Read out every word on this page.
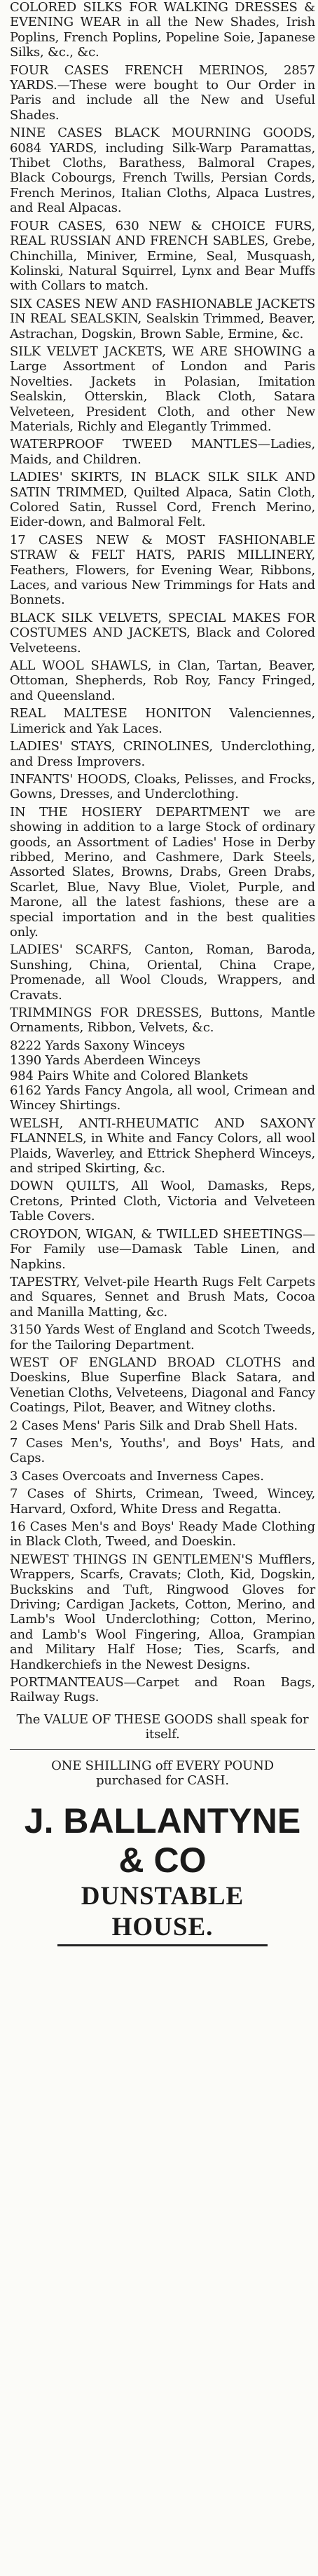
COLORED SILKS FOR WALKING DRESSES & EVENING WEAR in all the New Shades, Irish Poplins, French Poplins, Popeline Soie, Japanese Silks, &c., &c.
FOUR CASES FRENCH MERINOS, 2857 YARDS.—These were bought to Our Order in Paris and include all the New and Useful Shades.
NINE CASES BLACK MOURNING GOODS, 6084 YARDS, including Silk-Warp Paramattas, Thibet Cloths, Barathess, Balmoral Crapes, Black Cobourgs, French Twills, Persian Cords, French Merinos, Italian Cloths, Alpaca Lustres, and Real Alpacas.
FOUR CASES, 630 NEW & CHOICE FURS, REAL RUSSIAN AND FRENCH SABLES, Grebe, Chinchilla, Miniver, Ermine, Seal, Musquash, Kolinski, Natural Squirrel, Lynx and Bear Muffs with Collars to match.
SIX CASES NEW AND FASHIONABLE JACKETS IN REAL SEALSKIN, Sealskin Trimmed, Beaver, Astrachan, Dogskin, Brown Sable, Ermine, &c.
SILK VELVET JACKETS, WE ARE SHOWING a Large Assortment of London and Paris Novelties. Jackets in Polasian, Imitation Sealskin, Otterskin, Black Cloth, Satara Velveteen, President Cloth, and other New Materials, Richly and Elegantly Trimmed.
WATERPROOF TWEED MANTLES—Ladies, Maids, and Children.
LADIES' SKIRTS, IN BLACK SILK SILK AND SATIN TRIMMED, Quilted Alpaca, Satin Cloth, Colored Satin, Russel Cord, French Merino, Eider-down, and Balmoral Felt.
17 CASES NEW & MOST FASHIONABLE STRAW & FELT HATS, PARIS MILLINERY, Feathers, Flowers, for Evening Wear, Ribbons, Laces, and various New Trimmings for Hats and Bonnets.
BLACK SILK VELVETS, SPECIAL MAKES FOR COSTUMES AND JACKETS, Black and Colored Velveteens.
ALL WOOL SHAWLS, in Clan, Tartan, Beaver, Ottoman, Shepherds, Rob Roy, Fancy Fringed, and Queensland.
REAL MALTESE HONITON Valenciennes, Limerick and Yak Laces.
LADIES' STAYS, CRINOLINES, Underclothing, and Dress Improvers.
INFANTS' HOODS, Cloaks, Pelisses, and Frocks, Gowns, Dresses, and Underclothing.
IN THE HOSIERY DEPARTMENT we are showing in addition to a large Stock of ordinary goods, an Assortment of Ladies' Hose in Derby ribbed, Merino, and Cashmere, Dark Steels, Assorted Slates, Browns, Drabs, Green Drabs, Scarlet, Blue, Navy Blue, Violet, Purple, and Marone, all the latest fashions, these are a special importation and in the best qualities only.
LADIES' SCARFS, Canton, Roman, Baroda, Sunshing, China, Oriental, China Crape, Promenade, all Wool Clouds, Wrappers, and Cravats.
TRIMMINGS FOR DRESSES, Buttons, Mantle Ornaments, Ribbon, Velvets, &c.
8222 Yards Saxony Winceys
1390 Yards Aberdeen Winceys
984 Pairs White and Colored Blankets
6162 Yards Fancy Angola, all wool, Crimean and Wincey Shirtings.
WELSH, ANTI-RHEUMATIC AND SAXONY FLANNELS, in White and Fancy Colors, all wool Plaids, Waverley, and Ettrick Shepherd Winceys, and striped Skirting, &c.
DOWN QUILTS, All Wool, Damasks, Reps, Cretons, Printed Cloth, Victoria and Velveteen Table Covers.
CROYDON, WIGAN, & TWILLED SHEETINGS—For Family use—Damask Table Linen, and Napkins.
TAPESTRY, Velvet-pile Hearth Rugs Felt Carpets and Squares, Sennet and Brush Mats, Cocoa and Manilla Matting, &c.
3150 Yards West of England and Scotch Tweeds, for the Tailoring Department.
WEST OF ENGLAND BROAD CLOTHS and Doeskins, Blue Superfine Black Satara, and Venetian Cloths, Velveteens, Diagonal and Fancy Coatings, Pilot, Beaver, and Witney cloths.
2 Cases Mens' Paris Silk and Drab Shell Hats.
7 Cases Men's, Youths', and Boys' Hats, and Caps.
3 Cases Overcoats and Inverness Capes.
7 Cases of Shirts, Crimean, Tweed, Wincey, Harvard, Oxford, White Dress and Regatta.
16 Cases Men's and Boys' Ready Made Clothing in Black Cloth, Tweed, and Doeskin.
NEWEST THINGS IN GENTLEMEN'S Mufflers, Wrappers, Scarfs, Cravats; Cloth, Kid, Dogskin, Buckskins and Tuft, Ringwood Gloves for Driving; Cardigan Jackets, Cotton, Merino, and Lamb's Wool Underclothing; Cotton, Merino, and Lamb's Wool Fingering, Alloa, Grampian and Military Half Hose; Ties, Scarfs, and Handkerchiefs in the Newest Designs.
PORTMANTEAUS—Carpet and Roan Bags, Railway Rugs.
The VALUE OF THESE GOODS shall speak for itself.
ONE SHILLING off EVERY POUND
purchased for CASH.
J. BALLANTYNE & CO
DUNSTABLE HOUSE.
